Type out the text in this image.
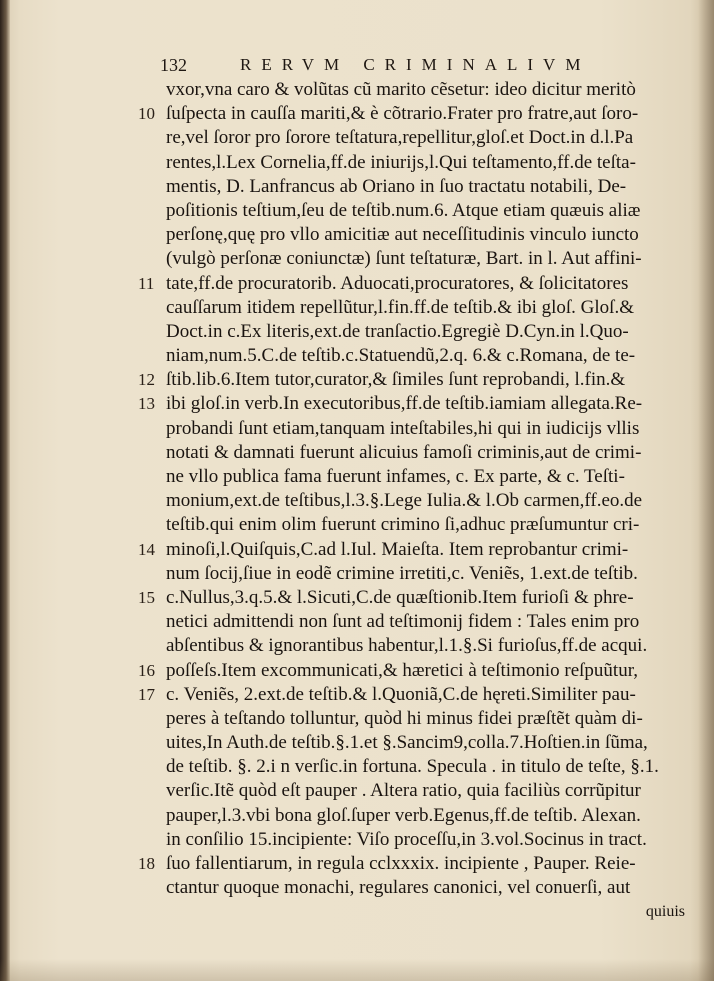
132	RERVM CRIMINALIVM
vxor,vna caro & volũtas cũ marito cẽsetur: ideo dicitur meritò
10 ſuſpecta in cauſſa mariti,& è cõtrario.Frater pro fratre,aut ſoro-
re,vel ſoror pro ſorore teſtatura,repellitur,gloſ.et Doct.in d.l.Pa
rentes,l.Lex Cornelia,ff.de iniurijs,l.Qui teſtamento,ff.de teſta-
mentis, D. Lanfrancus ab Oriano in ſuo tractatu notabili, De-
poſitionis teſtium,ſeu de teſtib.num.6. Atque etiam quæuis aliæ
perſonę,quę pro vllo amicitiæ aut neceſſitudinis vinculo iuncto
(vulgò perſonæ coniunctæ) ſunt teſtaturæ, Bart. in l. Aut affini-
11 tate,ff.de procuratorib. Aduocati,procuratores, & ſolicitatores
cauſſarum itidem repellũtur,l.fin.ff.de teſtib.& ibi gloſ. Gloſ.&
Doct.in c.Ex literis,ext.de tranſactio.Egregiè D.Cyn.in l.Quo-
niam,num.5.C.de teſtib.c.Statuendũ,2.q. 6.& c.Romana, de te-
12 ſtib.lib.6.Item tutor,curator,& ſimiles ſunt reprobandi, l.fin.&
13 ibi gloſ.in verb.In executoribus,ff.de teſtib.iamiam allegata.Re-
probandi ſunt etiam,tanquam inteſtabiles,hi qui in iudicijs vllis
notati & damnati fuerunt alicuius famoſi criminis,aut de crimi-
ne vllo publica fama fuerunt infames, c. Ex parte, & c. Teſti-
monium,ext.de teſtibus,l.3.§.Lege Iulia.& l.Ob carmen,ff.eo.de
teſtib.qui enim olim fuerunt crimino ſi,adhuc præſumuntur cri-
14 minoſi,l.Quiſquis,C.ad l.Iul. Maieſta. Item reprobantur crimi-
num ſocij,ſiue in eodẽ crimine irretiti,c. Veniẽs, 1.ext.de teſtib.
15 c.Nullus,3.q.5.& l.Sicuti,C.de quæſtionib.Item furioſi & phre-
netici admittendi non ſunt ad teſtimonij fidem : Tales enim pro
abſentibus & ignorantibus habentur,l.1.§.Si furioſus,ff.de acqui.
16 poſſeſs.Item excommunicati,& hæretici à teſtimonio reſpuũtur,
17 c. Veniẽs, 2.ext.de teſtib.& l.Quoniã,C.de hęreti.Similiter pau-
peres à teſtando tolluntur, quòd hi minus fidei præſtẽt quàm di-
uites,In Auth.de teſtib.§.1.et §.Sancim9,colla.7.Hoſtien.in ſũma,
de teſtib. §. 2.i n verſic.in fortuna. Specula . in titulo de teſte, §.1.
verſic.Itẽ quòd eſt pauper . Altera ratio, quia faciliùs corrũpitur
pauper,l.3.vbi bona gloſ.ſuper verb.Egenus,ff.de teſtib. Alexan.
in conſilio 15.incipiente: Viſo proceſſu,in 3.vol.Socinus in tract.
18 ſuo fallentiarum, in regula cclxxxix. incipiente , Pauper. Reie-
ctantur quoque monachi, regulares canonici, vel conuerſi, aut
quiuis
